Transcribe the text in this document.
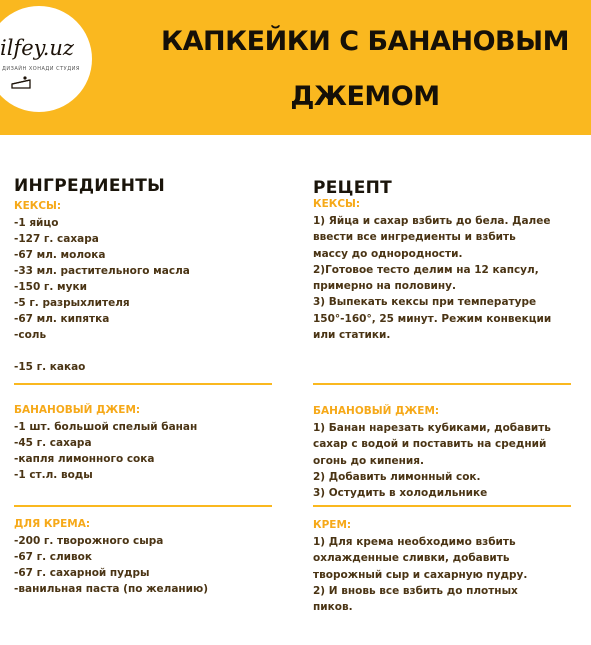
ilfey.uz
ДИЗАЙН ХОНАДИ СТУДИЯ
КАПКЕЙКИ С БАНАНОВЫМ
ДЖЕМОМ
ИНГРЕДИЕНТЫ
КЕКСЫ:
-1 яйцо
-127 г. сахара
-67 мл. молока
-33 мл. растительного масла
-150 г. муки
-5 г. разрыхлителя
-67 мл. кипятка
-соль
-15 г. какао
БАНАНОВЫЙ ДЖЕМ:
-1 шт. большой спелый банан
-45 г. сахара
-капля лимонного сока
-1 ст.л. воды
ДЛЯ КРЕМА:
-200 г. творожного сыра
-67 г. сливок
-67 г. сахарной пудры
-ванильная паста (по желанию)
РЕЦЕПТ
КЕКСЫ:
1) Яйца и сахар взбить до бела. Далее
ввести все ингредиенты и взбить
массу до однородности.
2)Готовое тесто делим на 12 капсул,
примерно на половину.
3) Выпекать кексы при температуре
150°-160°, 25 минут. Режим конвекции
или статики.
БАНАНОВЫЙ ДЖЕМ:
1) Банан нарезать кубиками, добавить
сахар с водой и поставить на средний
огонь до кипения.
2) Добавить лимонный сок.
3) Остудить в холодильнике
КРЕМ:
1) Для крема необходимо взбить
охлажденные сливки, добавить
творожный сыр и сахарную пудру.
2) И вновь все взбить до плотных
пиков.
